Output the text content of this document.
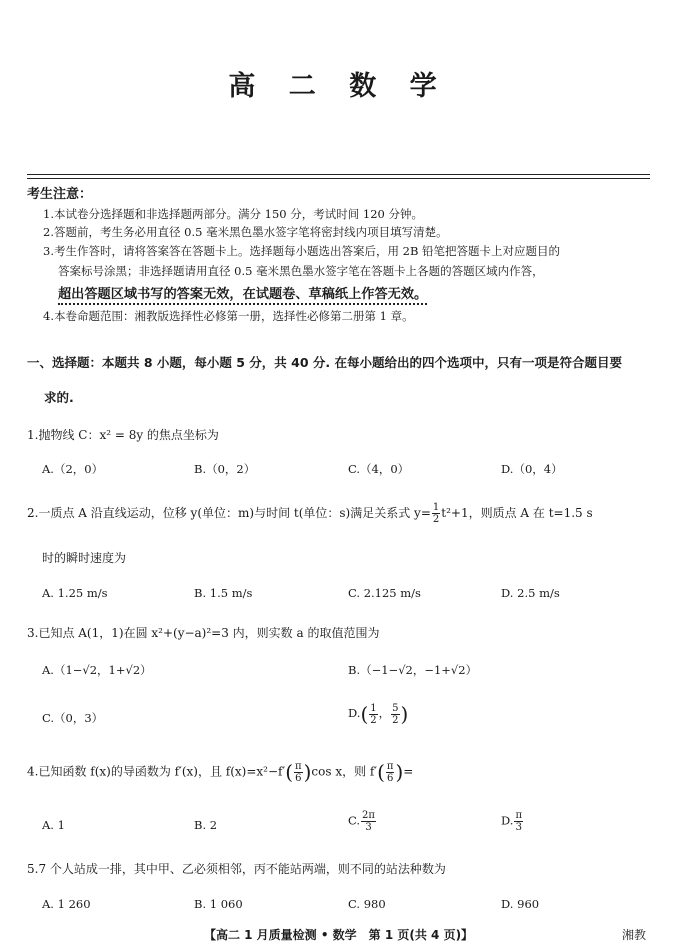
高 二 数 学
考生注意：
1.本试卷分选择题和非选择题两部分。满分 150 分，考试时间 120 分钟。
2.答题前，考生务必用直径 0.5 毫米黑色墨水签字笔将密封线内项目填写清楚。
3.考生作答时，请将答案答在答题卡上。选择题每小题选出答案后，用 2B 铅笔把答题卡上对应题目的
答案标号涂黑；非选择题请用直径 0.5 毫米黑色墨水签字笔在答题卡上各题的答题区域内作答，
超出答题区域书写的答案无效，在试题卷、草稿纸上作答无效。
4.本卷命题范围：湘教版选择性必修第一册，选择性必修第二册第 1 章。
一、选择题：本题共 8 小题，每小题 5 分，共 40 分. 在每小题给出的四个选项中，只有一项是符合题目要
求的.
1.抛物线 C：x² = 8y 的焦点坐标为
A.（2，0）	B.（0，2）	C.（4，0）	D.（0，4）
2.一质点 A 沿直线运动，位移 y(单位：m)与时间 t(单位：s)满足关系式 $y= \frac{1}{2} t^2+1$，则质点 A 在 t=1.5 s
时的瞬时速度为
A. 1.25 m/s	B. 1.5 m/s	C. 2.125 m/s	D. 2.5 m/s
3.已知点 A(1，1)在圆 x²+(y−a)²=3 内，则实数 a 的取值范围为
A.（1−√2，1+√2）	B.（−1−√2，−1+√2）
C.（0，3）	$D.( \frac{1}{2}$ ， $\frac{5}{2}$ )
4.已知函数 f(x)的导函数为 f′(x)，且 $f(x)=x^2-f'( \frac{\pi}{6} )\cos$ x，则 $f'( \frac{\pi}{6}$ )=
A. 1	B. 2	C. $\frac{2\pi}{3}$	D. $\frac{\pi}{3}$
5.7 个人站成一排，其中甲、乙必须相邻，丙不能站两端，则不同的站法种数为
A. 1 260	B. 1 060	C. 980	D. 960
【高二 1 月质量检测 • 数学　第 1 页(共 4 页)】	湘教
